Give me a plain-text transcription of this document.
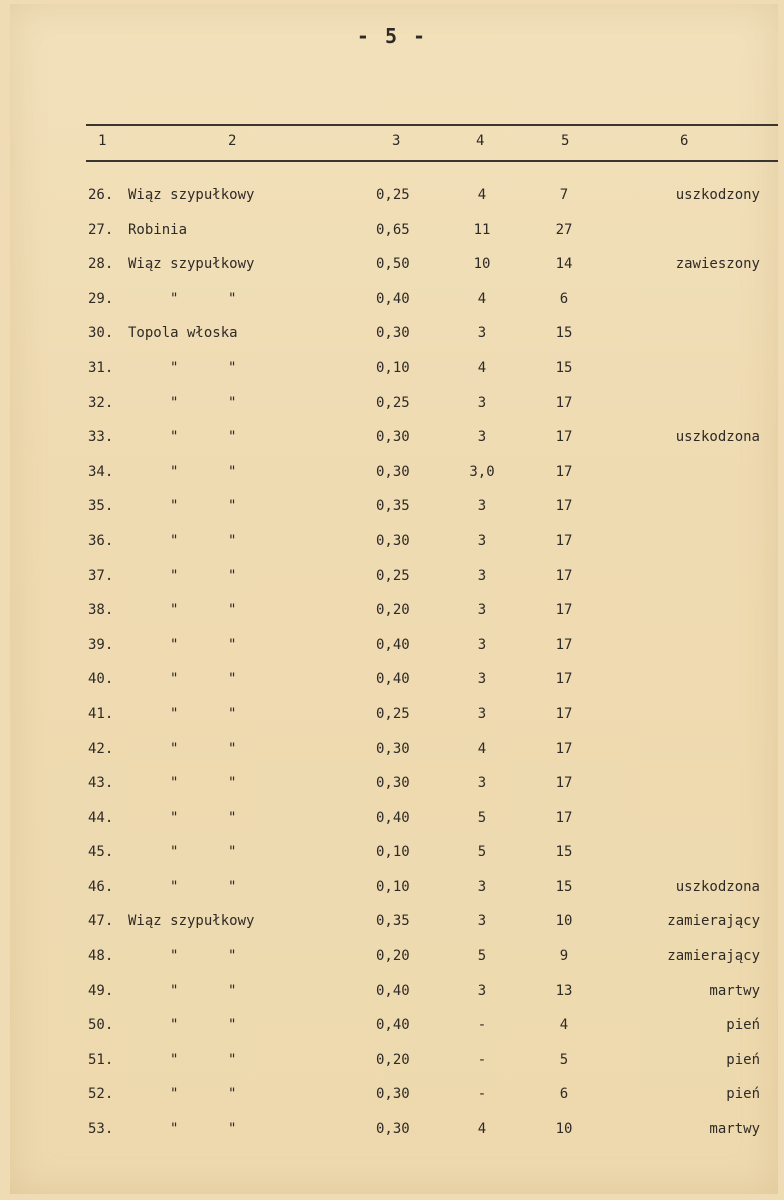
- 5 -
1	2	3	4	5	6
26. Wiąz szypułkowy	0,25	4	7	uszkodzony
27. Robinia	0,65	11	27
28. Wiąz szypułkowy	0,50	10	14	zawieszony
29.	"	"	0,40	4	6
30. Topola włoska	0,30	3	15
31.	"	"	0,10	4	15
32.	"	"	0,25	3	17
33.	"	"	0,30	3	17	uszkodzona
34.	"	"	0,30	3,0	17
35.	"	"	0,35	3	17
36.	"	"	0,30	3	17
37.	"	"	0,25	3	17
38.	"	"	0,20	3	17
39.	"	"	0,40	3	17
40.	"	"	0,40	3	17
41.	"	"	0,25	3	17
42.	"	"	0,30	4	17
43.	"	"	0,30	3	17
44.	"	"	0,40	5	17
45.	"	"	0,10	5	15
46.	"	"	0,10	3	15	uszkodzona
47. Wiąz szypułkowy	0,35	3	10	zamierający
48.	"	"	0,20	5	9	zamierający
49.	"	"	0,40	3	13	martwy
50.	"	"	0,40	-	4	pień
51.	"	"	0,20	-	5	pień
52.	"	"	0,30	-	6	pień
53.	"	"	0,30	4	10	martwy
